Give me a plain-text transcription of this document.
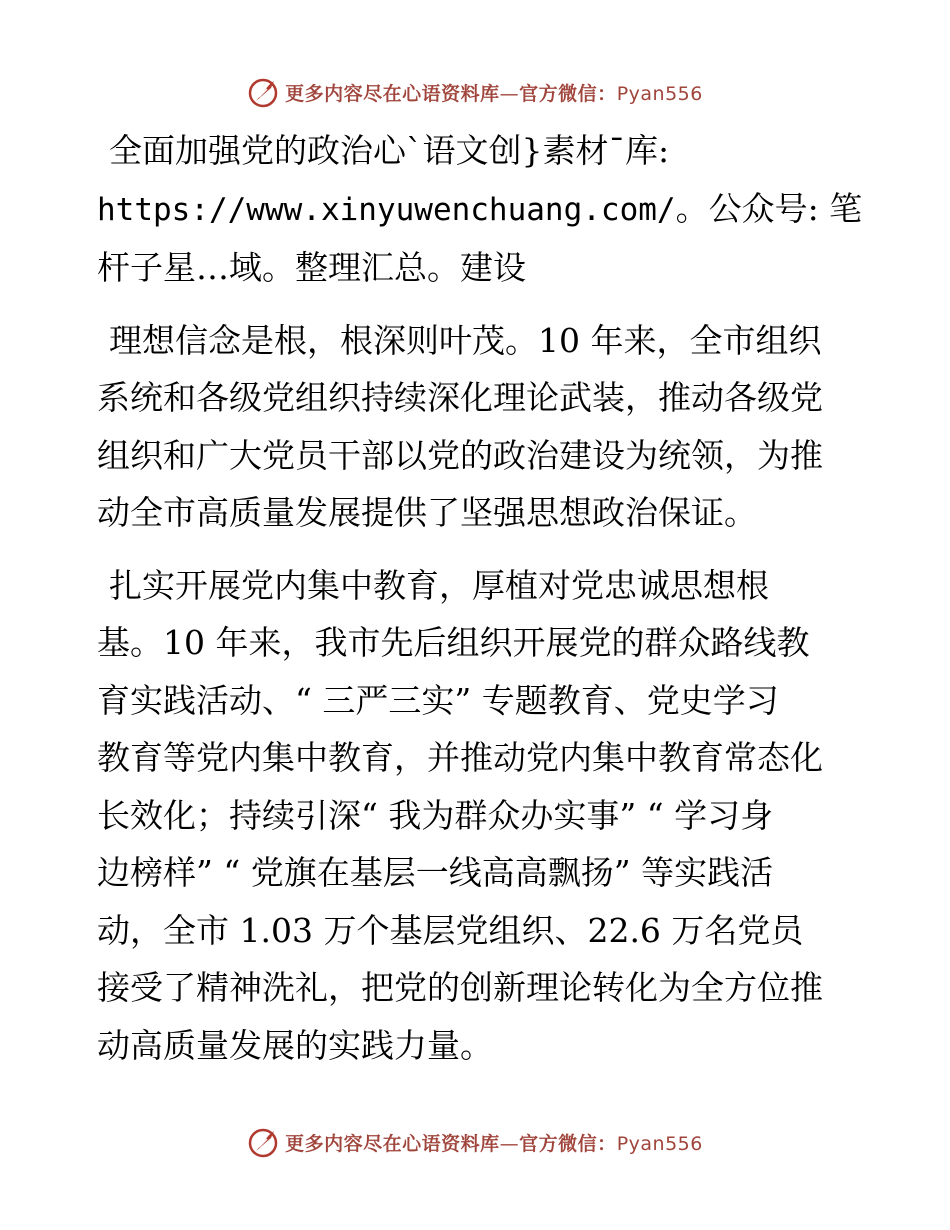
更多内容尽在心语资料库—官方微信：Pyan556
全面加强党的政治心`语文创}素材¯库:
https://www.xinyuwenchuang.com/。公众号: 笔
杆子星…域。整理汇总。建设
理想信念是根，根深则叶茂。10 年来，全市组织
系统和各级党组织持续深化理论武装，推动各级党
组织和广大党员干部以党的政治建设为统领，为推
动全市高质量发展提供了坚强思想政治保证。
扎实开展党内集中教育，厚植对党忠诚思想根
基。10 年来，我市先后组织开展党的群众路线教
育实践活动、“ 三严三实” 专题教育、党史学习
教育等党内集中教育，并推动党内集中教育常态化
长效化；持续引深“ 我为群众办实事” “ 学习身
边榜样” “ 党旗在基层一线高高飘扬” 等实践活
动，全市 1.03 万个基层党组织、22.6 万名党员
接受了精神洗礼，把党的创新理论转化为全方位推
动高质量发展的实践力量。
更多内容尽在心语资料库—官方微信：Pyan556
